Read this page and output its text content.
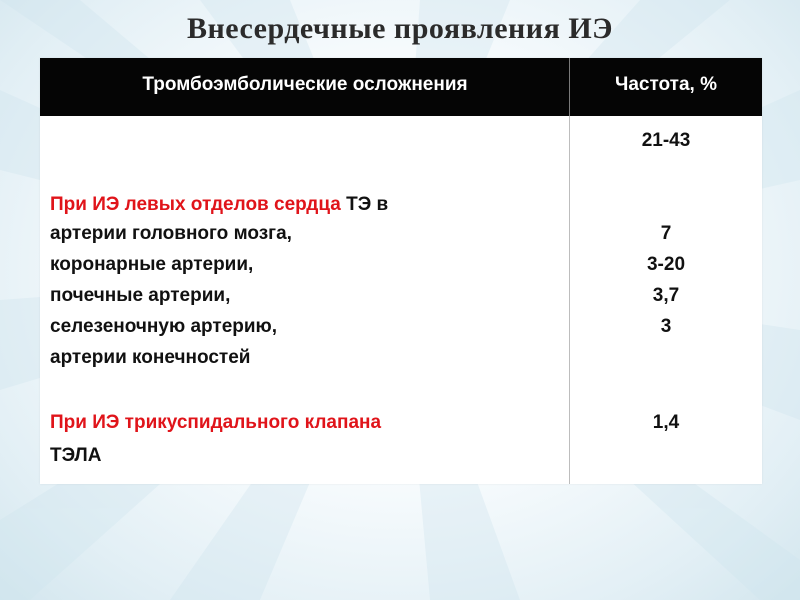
Внесердечные проявления ИЭ
Тромбоэмболические осложнения	Частота, %
21-43
При ИЭ левых отделов сердца ТЭ в
артерии головного мозга,
коронарные артерии,
почечные артерии,
селезеночную артерию,
артерии конечностей
7
3-20
3,7
3
При ИЭ трикуспидального клапана
ТЭЛА
1,4
